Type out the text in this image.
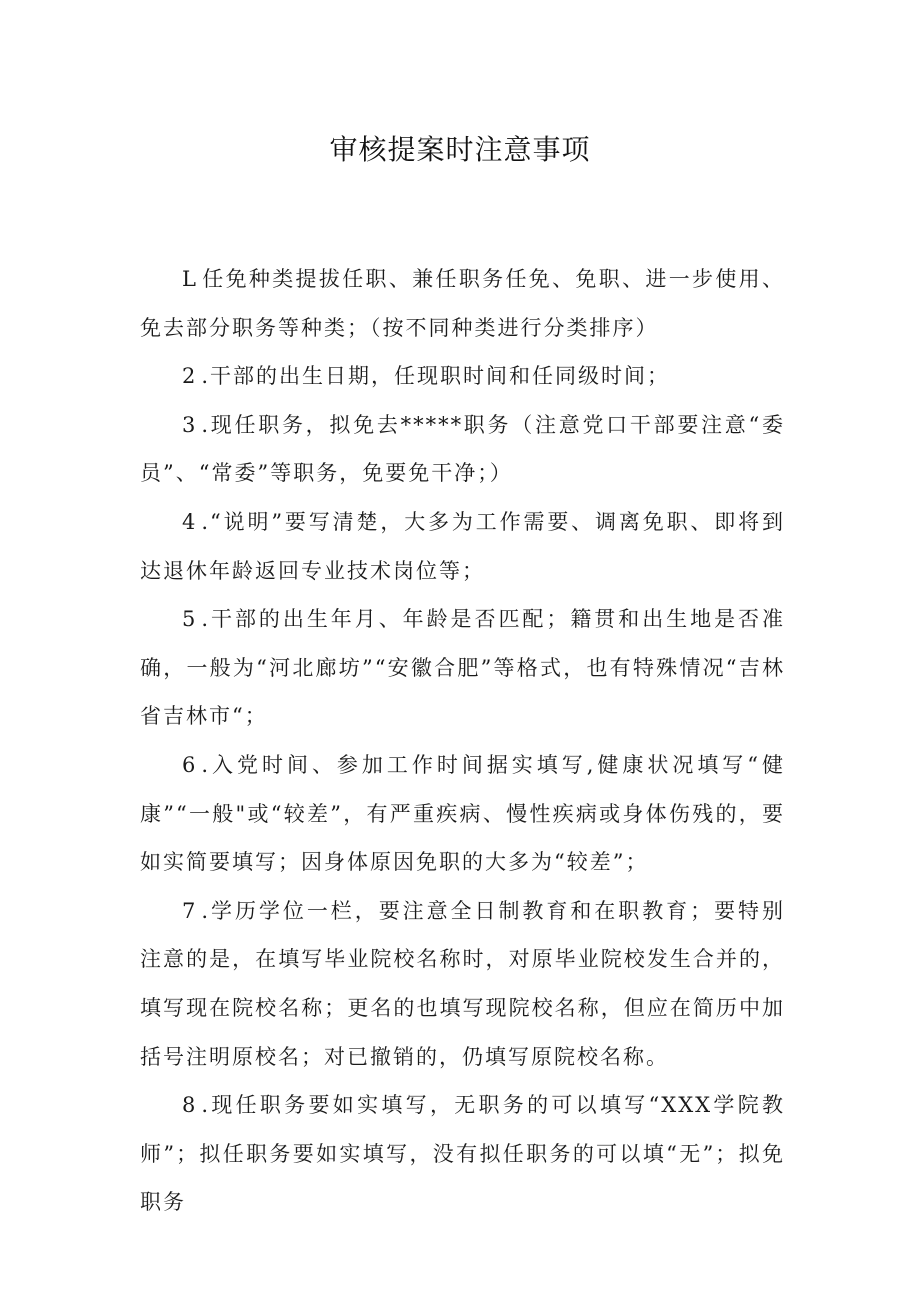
审核提案时注意事项

L 任免种类提拔任职、兼任职务任免、免职、进一步使用、免去部分职务等种类；（按不同种类进行分类排序）

2 .干部的出生日期，任现职时间和任同级时间；

3 .现任职务，拟免去*****职务（注意党口干部要注意“委员”、“常委”等职务，免要免干净；）

4 .“说明”要写清楚，大多为工作需要、调离免职、即将到达退休年龄返回专业技术岗位等；

5 .干部的出生年月、年龄是否匹配；籍贯和出生地是否准确，一般为“河北廊坊”“安徽合肥”等格式，也有特殊情况“吉林省吉林市“；

6 .入党时间、参加工作时间据实填写,健康状况填写“健康”“一般"或“较差”，有严重疾病、慢性疾病或身体伤残的，要如实简要填写；因身体原因免职的大多为“较差”；

7 .学历学位一栏，要注意全日制教育和在职教育；要特别注意的是，在填写毕业院校名称时，对原毕业院校发生合并的，填写现在院校名称；更名的也填写现院校名称，但应在简历中加括号注明原校名；对已撤销的，仍填写原院校名称。

8 .现任职务要如实填写，无职务的可以填写“XXX学院教师”；拟任职务要如实填写，没有拟任职务的可以填“无”；拟免职务
